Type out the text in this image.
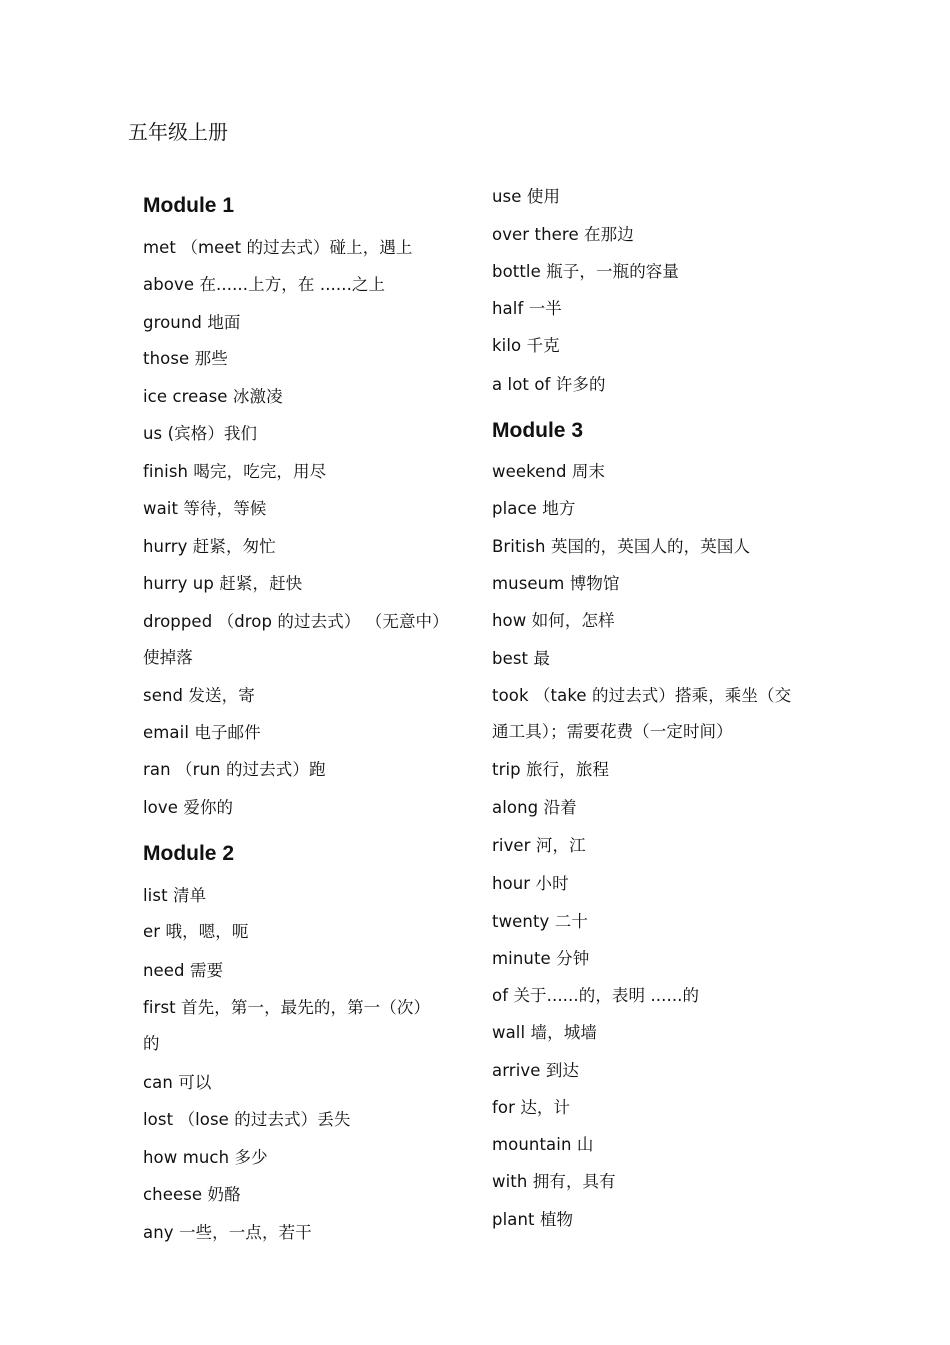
五年级上册
Module 1
met （meet 的过去式）碰上，遇上
above 在......上方，在 ......之上
ground 地面
those 那些
ice crease 冰激凌
us (宾格）我们
finish 喝完，吃完，用尽
wait 等待，等候
hurry 赶紧，匆忙
hurry up 赶紧，赶快
dropped （drop 的过去式） （无意中）
使掉落
send 发送，寄
email 电子邮件
ran （run 的过去式）跑
love 爱你的
Module 2
list 清单
er 哦，嗯，呃
need 需要
first 首先，第一，最先的，第一（次）
的
can 可以
lost （lose 的过去式）丢失
how much 多少
cheese 奶酪
any 一些，一点，若干
use 使用
over there 在那边
bottle 瓶子，一瓶的容量
half 一半
kilo 千克
a lot of 许多的
Module 3
weekend 周末
place 地方
British 英国的，英国人的，英国人
museum 博物馆
how 如何，怎样
best 最
took （take 的过去式）搭乘，乘坐（交
通工具）；需要花费（一定时间）
trip 旅行，旅程
along 沿着
river 河，江
hour 小时
twenty 二十
minute 分钟
of 关于......的，表明 ......的
wall 墙，城墙
arrive 到达
for 达，计
mountain 山
with 拥有，具有
plant 植物
